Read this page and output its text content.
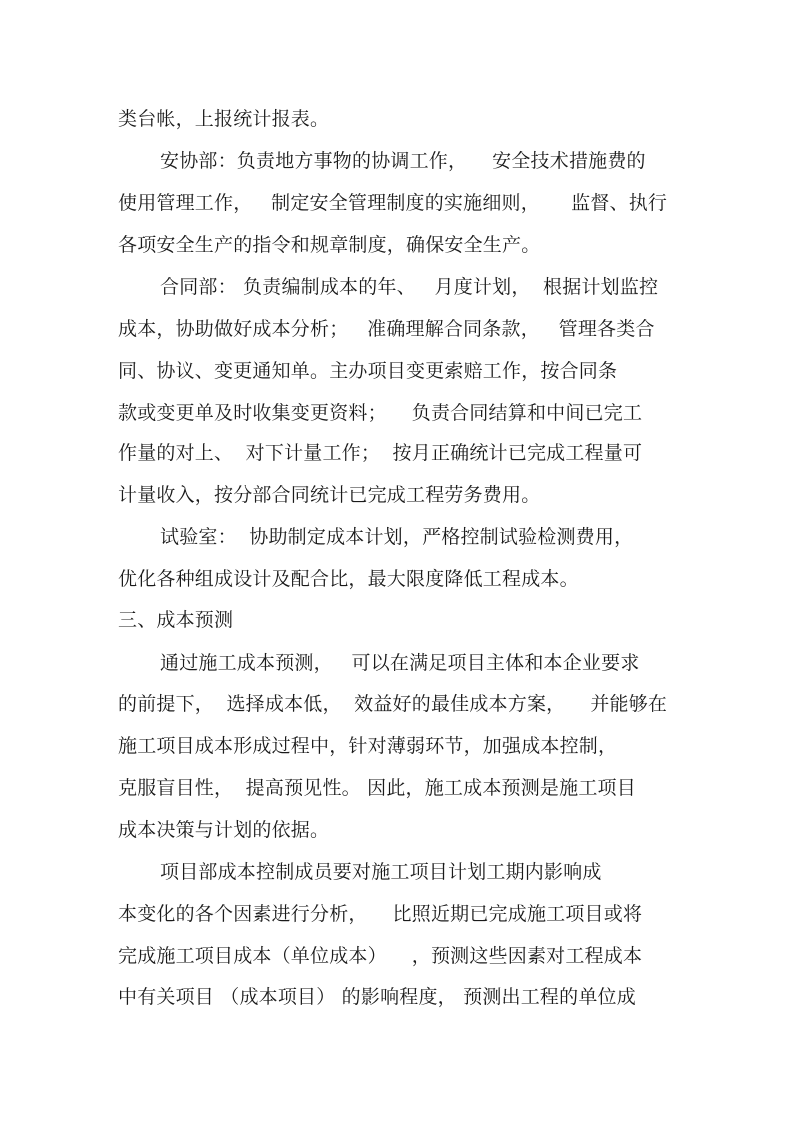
类台帐，上报统计报表。
安协部：负责地方事物的协调工作，    安全技术措施费的
使用管理工作，   制定安全管理制度的实施细则，     监督、执行
各项安全生产的指令和规章制度，确保安全生产。
合同部： 负责编制成本的年、   月度计划，  根据计划监控
成本，协助做好成本分析；   准确理解合同条款，   管理各类合
同、协议、变更通知单。主办项目变更索赔工作，按合同条
款或变更单及时收集变更资料；    负责合同结算和中间已完工
作量的对上、  对下计量工作；  按月正确统计已完成工程量可
计量收入，按分部合同统计已完成工程劳务费用。
试验室：  协助制定成本计划，严格控制试验检测费用，
优化各种组成设计及配合比，最大限度降低工程成本。
三、成本预测
通过施工成本预测，   可以在满足项目主体和本企业要求
的前提下，  选择成本低，  效益好的最佳成本方案，    并能够在
施工项目成本形成过程中，针对薄弱环节，加强成本控制，
克服盲目性，  提高预见性。 因此，施工成本预测是施工项目
成本决策与计划的依据。
项目部成本控制成员要对施工项目计划工期内影响成
本变化的各个因素进行分析，    比照近期已完成施工项目或将
完成施工项目成本（单位成本）    ，预测这些因素对工程成本
中有关项目 （成本项目） 的影响程度， 预测出工程的单位成
